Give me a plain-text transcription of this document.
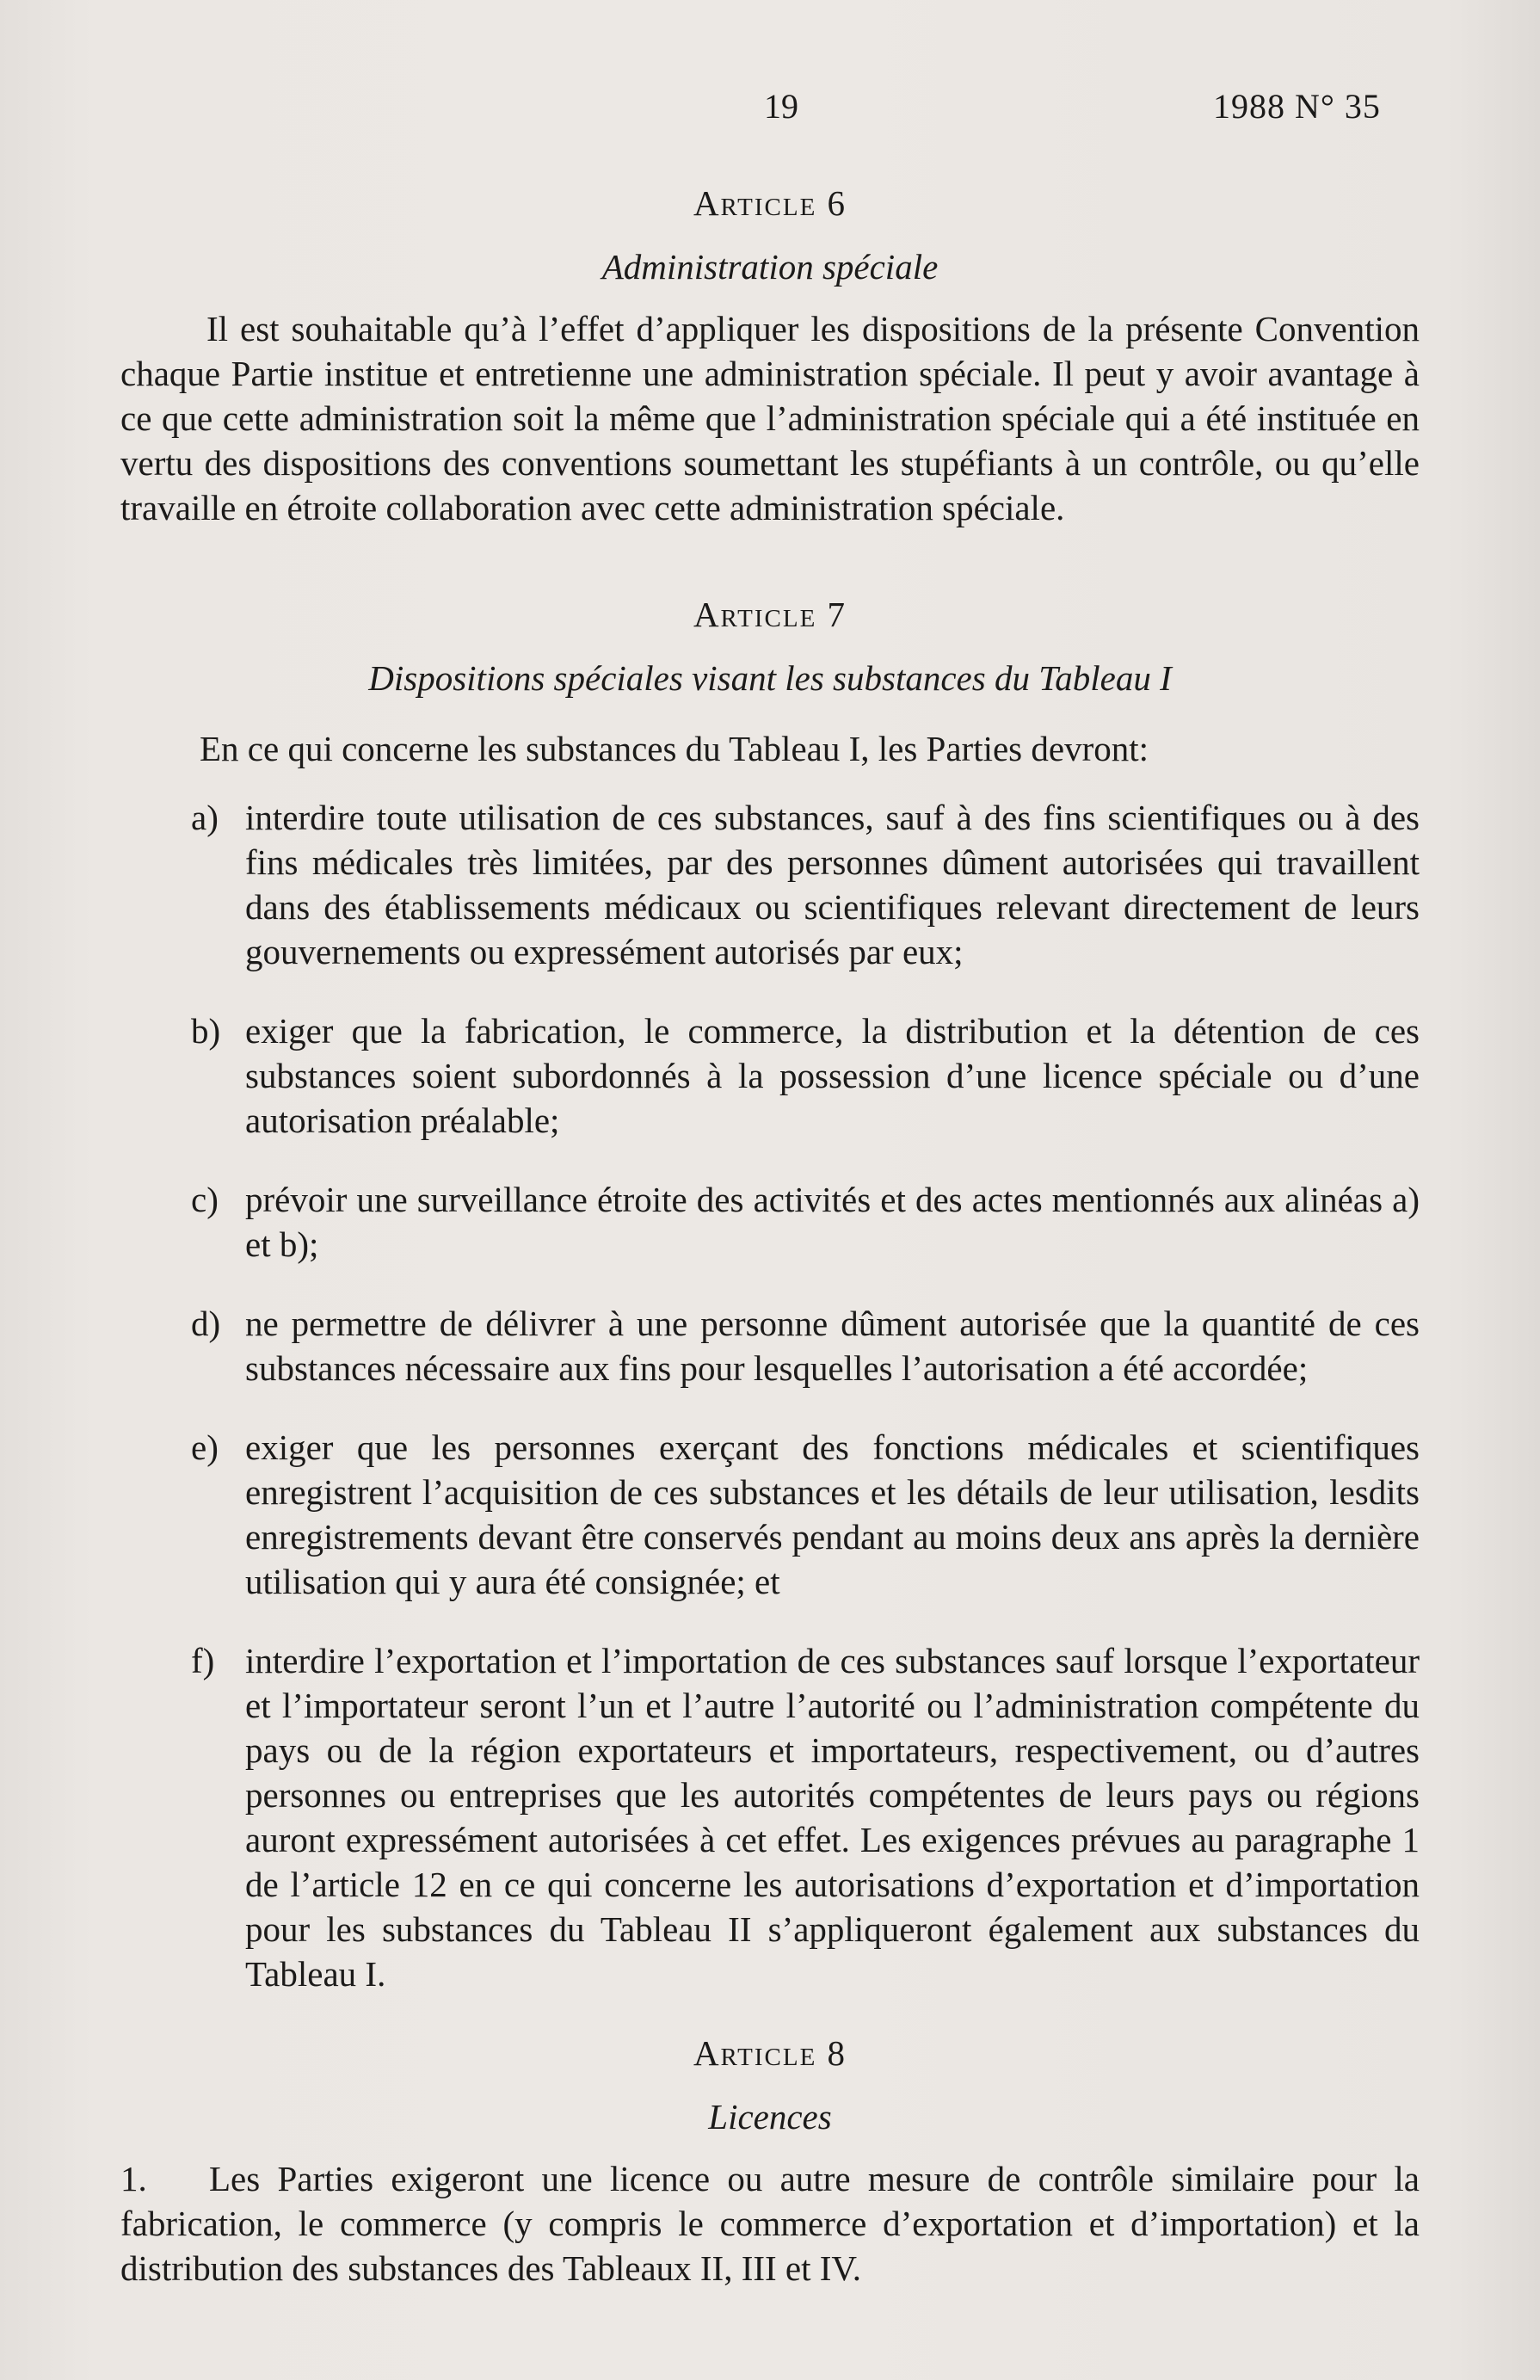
19	1988 N° 35
Article 6
Administration spéciale

Il est souhaitable qu’à l’effet d’appliquer les dispositions de la présente Convention chaque Partie institue et entretienne une administration spéciale. Il peut y avoir avantage à ce que cette administration soit la même que l’administration spéciale qui a été instituée en vertu des dispositions des conventions soumettant les stupéfiants à un contrôle, ou qu’elle travaille en étroite collaboration avec cette administration spéciale.

Article 7
Dispositions spéciales visant les substances du Tableau I

En ce qui concerne les substances du Tableau I, les Parties devront:

a) interdire toute utilisation de ces substances, sauf à des fins scientifiques ou à des fins médicales très limitées, par des personnes dûment autorisées qui travaillent dans des établissements médicaux ou scientifiques relevant directement de leurs gouvernements ou expressément autorisés par eux;
b) exiger que la fabrication, le commerce, la distribution et la détention de ces substances soient subordonnés à la possession d’une licence spéciale ou d’une autorisation préalable;
c) prévoir une surveillance étroite des activités et des actes mentionnés aux alinéas a) et b);
d) ne permettre de délivrer à une personne dûment autorisée que la quantité de ces substances nécessaire aux fins pour lesquelles l’autorisation a été accordée;
e) exiger que les personnes exerçant des fonctions médicales et scientifiques enregistrent l’acquisition de ces substances et les détails de leur utilisation, lesdits enregistrements devant être conservés pendant au moins deux ans après la dernière utilisation qui y aura été consignée; et
f) interdire l’exportation et l’importation de ces substances sauf lorsque l’exportateur et l’importateur seront l’un et l’autre l’autorité ou l’administration compétente du pays ou de la région exportateurs et importateurs, respectivement, ou d’autres personnes ou entreprises que les autorités compétentes de leurs pays ou régions auront expressément autorisées à cet effet. Les exigences prévues au paragraphe 1 de l’article 12 en ce qui concerne les autorisations d’exportation et d’importation pour les substances du Tableau II s’appliqueront également aux substances du Tableau I.
Article 8
Licences

1. Les Parties exigeront une licence ou autre mesure de contrôle similaire pour la fabrication, le commerce (y compris le commerce d’exportation et d’importation) et la distribution des substances des Tableaux II, III et IV.
